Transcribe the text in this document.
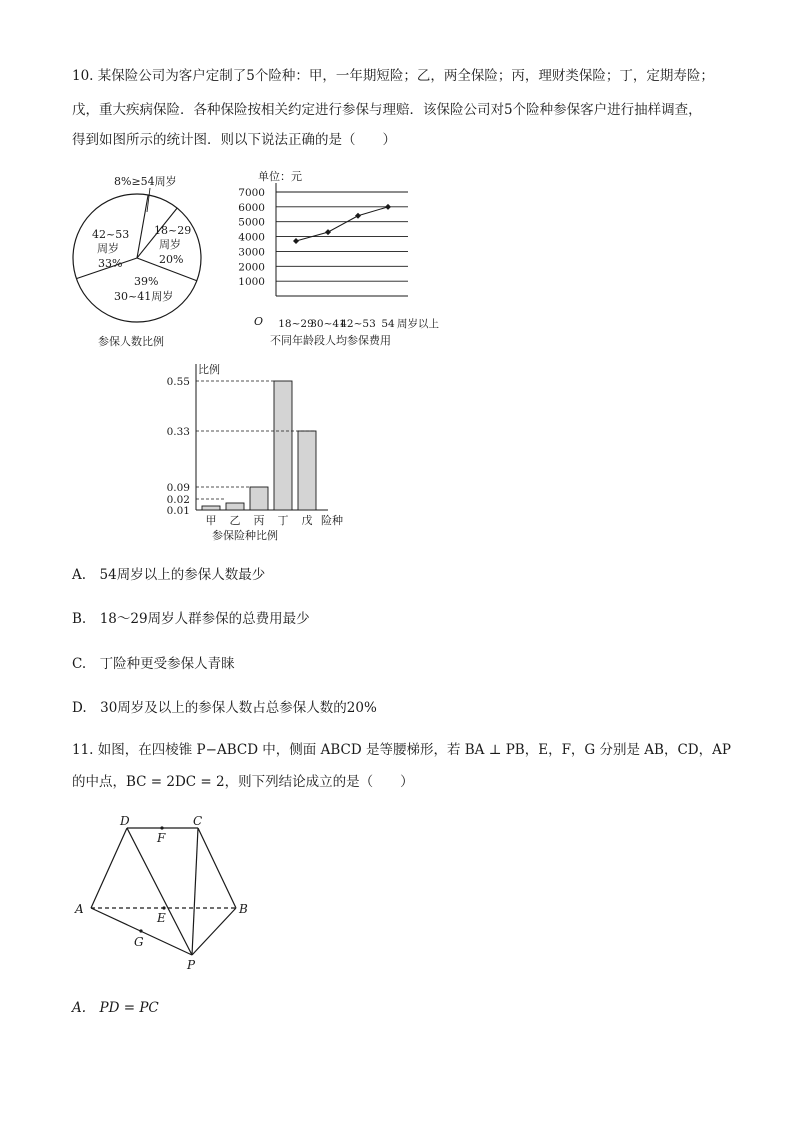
10. 某保险公司为客户定制了5个险种：甲，一年期短险；乙，两全保险；丙，理财类保险；丁，定期寿险；
戊，重大疾病保险．各种保险按相关约定进行参保与理赔．该保险公司对5个险种参保客户进行抽样调查，
得到如图所示的统计图．则以下说法正确的是（　　）
8%≥54周岁
18~29
周岁
20%
42~53
周岁
33%
39%
30~41周岁
参保人数比例
单位：元
1000
2000
3000
4000
5000
6000
7000
O 18~29
30~41
42~53 54 周岁以上
不同年龄段人均参保费用
比例
甲 乙 丙 丁 戊
0.55
0.33
0.09
0.02
0.01
险种
参保险种比例
A.　54周岁以上的参保人数最少
B.　18～29周岁人群参保的总费用最少
C.　丁险种更受参保人青睐
D.　30周岁及以上的参保人数占总参保人数的20%
11. 如图，在四棱锥 P−ABCD 中，侧面 ABCD 是等腰梯形，若 BA ⊥ PB，E，F，G 分别是 AB，CD，AP
的中点，BC = 2DC = 2，则下列结论成立的是（　　）
D	C
F
A	B
E
G
P
A.　PD = PC
